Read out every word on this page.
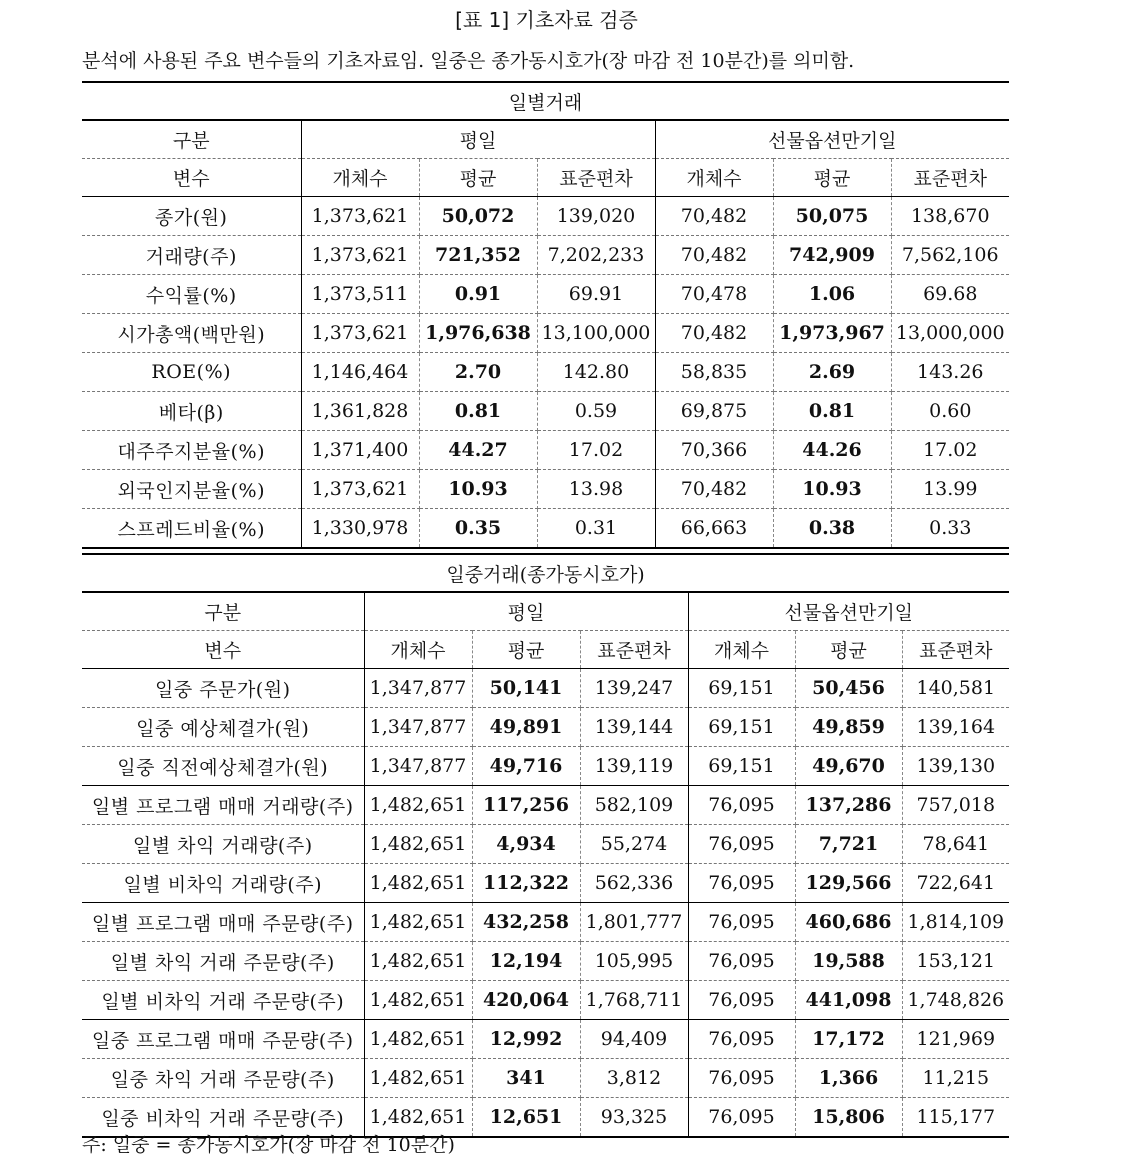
[표 1] 기초자료 검증
분석에 사용된 주요 변수들의 기초자료임. 일중은 종가동시호가(장 마감 전 10분간)를 의미함.
일별거래						
구분	평일			선물옵션만기일		
변수	개체수	평균	표준편차	개체수	평균	표준편차
종가(원)	1,373,621	50,072	139,020	70,482	50,075	138,670
거래량(주)	1,373,621	721,352	7,202,233	70,482	742,909	7,562,106
수익률(%)	1,373,511	0.91	69.91	70,478	1.06	69.68
시가총액(백만원)	1,373,621	1,976,638	13,100,000	70,482	1,973,967	13,000,000
ROE(%)	1,146,464	2.70	142.80	58,835	2.69	143.26
베타(β)	1,361,828	0.81	0.59	69,875	0.81	0.60
대주주지분율(%)	1,371,400	44.27	17.02	70,366	44.26	17.02
외국인지분율(%)	1,373,621	10.93	13.98	70,482	10.93	13.99
스프레드비율(%)	1,330,978	0.35	0.31	66,663	0.38	0.33
일중거래(종가동시호가)						
구분	평일			선물옵션만기일		
변수	개체수	평균	표준편차	개체수	평균	표준편차
일중 주문가(원)	1,347,877	50,141	139,247	69,151	50,456	140,581
일중 예상체결가(원)	1,347,877	49,891	139,144	69,151	49,859	139,164
일중 직전예상체결가(원)	1,347,877	49,716	139,119	69,151	49,670	139,130
일별 프로그램 매매 거래량(주)	1,482,651	117,256	582,109	76,095	137,286	757,018
일별 차익 거래량(주)	1,482,651	4,934	55,274	76,095	7,721	78,641
일별 비차익 거래량(주)	1,482,651	112,322	562,336	76,095	129,566	722,641
일별 프로그램 매매 주문량(주)	1,482,651	432,258	1,801,777	76,095	460,686	1,814,109
일별 차익 거래 주문량(주)	1,482,651	12,194	105,995	76,095	19,588	153,121
일별 비차익 거래 주문량(주)	1,482,651	420,064	1,768,711	76,095	441,098	1,748,826
일중 프로그램 매매 주문량(주)	1,482,651	12,992	94,409	76,095	17,172	121,969
일중 차익 거래 주문량(주)	1,482,651	341	3,812	76,095	1,366	11,215
일중 비차익 거래 주문량(주)	1,482,651	12,651	93,325	76,095	15,806	115,177
주: 일중 = 종가동시호가(장 마감 전 10분간)
